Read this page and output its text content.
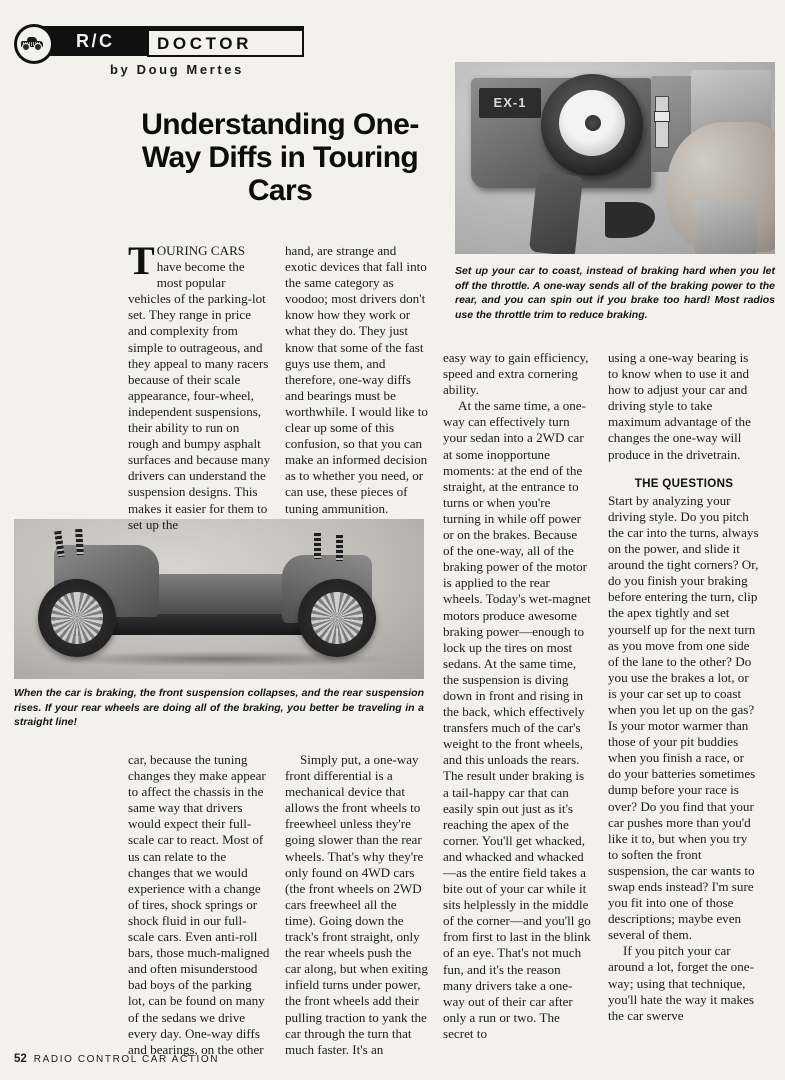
R/C	DOCTOR
by Doug Mertes
Understanding One-Way Diffs in Touring Cars
EX-1
Set up your car to coast, instead of braking hard when you let off the throttle. A one-way sends all of the braking power to the rear, and you can spin out if you brake too hard! Most radios use the throttle trim to reduce braking.
When the car is braking, the front suspension collapses, and the rear suspension rises. If your rear wheels are doing all of the braking, you better be traveling in a straight line!

TOURING CARS have become the most popular vehicles of the parking-lot set. They range in price and complexity from simple to outrageous, and they appeal to many racers because of their scale appearance, four-wheel, independent suspensions, their ability to run on rough and bumpy asphalt surfaces and because many drivers can understand the suspension designs. This makes it easier for them to set up the

hand, are strange and exotic devices that fall into the same category as voodoo; most drivers don't know how they work or what they do. They just know that some of the fast guys use them, and therefore, one-way diffs and bearings must be worthwhile. I would like to clear up some of this confusion, so that you can make an informed decision as to whether you need, or can use, these pieces of tuning ammunition.

car, because the tuning changes they make appear to affect the chassis in the same way that drivers would expect their full-scale car to react. Most of us can relate to the changes that we would experience with a change of tires, shock springs or shock fluid in our full-scale cars. Even anti-roll bars, those much-maligned and often misunderstood bad boys of the parking lot, can be found on many of the sedans we drive every day. One-way diffs and bearings, on the other

Simply put, a one-way front differential is a mechanical device that allows the front wheels to freewheel unless they're going slower than the rear wheels. That's why they're only found on 4WD cars (the front wheels on 2WD cars freewheel all the time). Going down the track's front straight, only the rear wheels push the car along, but when exiting infield turns under power, the front wheels add their pulling traction to yank the car through the turn that much faster. It's an

easy way to gain efficiency, speed and extra cornering ability.

At the same time, a one-way can effectively turn your sedan into a 2WD car at some inopportune moments: at the end of the straight, at the entrance to turns or when you're turning in while off power or on the brakes. Because of the one-way, all of the braking power of the motor is applied to the rear wheels. Today's wet-magnet motors produce awesome braking power—enough to lock up the tires on most sedans. At the same time, the suspension is diving down in front and rising in the back, which effectively transfers much of the car's weight to the front wheels, and this unloads the rears. The result under braking is a tail-happy car that can easily spin out just as it's reaching the apex of the corner. You'll get whacked, and whacked and whacked—as the entire field takes a bite out of your car while it sits helplessly in the middle of the corner—and you'll go from first to last in the blink of an eye. That's not much fun, and it's the reason many drivers take a one-way out of their car after only a run or two. The secret to

using a one-way bearing is to know when to use it and how to adjust your car and driving style to take maximum advantage of the changes the one-way will produce in the drivetrain.

THE QUESTIONS

Start by analyzing your driving style. Do you pitch the car into the turns, always on the power, and slide it around the tight corners? Or, do you finish your braking before entering the turn, clip the apex tightly and set yourself up for the next turn as you move from one side of the lane to the other? Do you use the brakes a lot, or is your car set up to coast when you let up on the gas? Is your motor warmer than those of your pit buddies when you finish a race, or do your batteries sometimes dump before your race is over? Do you find that your car pushes more than you'd like it to, but when you try to soften the front suspension, the car wants to swap ends instead? I'm sure you fit into one of those descriptions; maybe even several of them.

If you pitch your car around a lot, forget the one-way; using that technique, you'll hate the way it makes the car swerve

52 RADIO CONTROL CAR ACTION
